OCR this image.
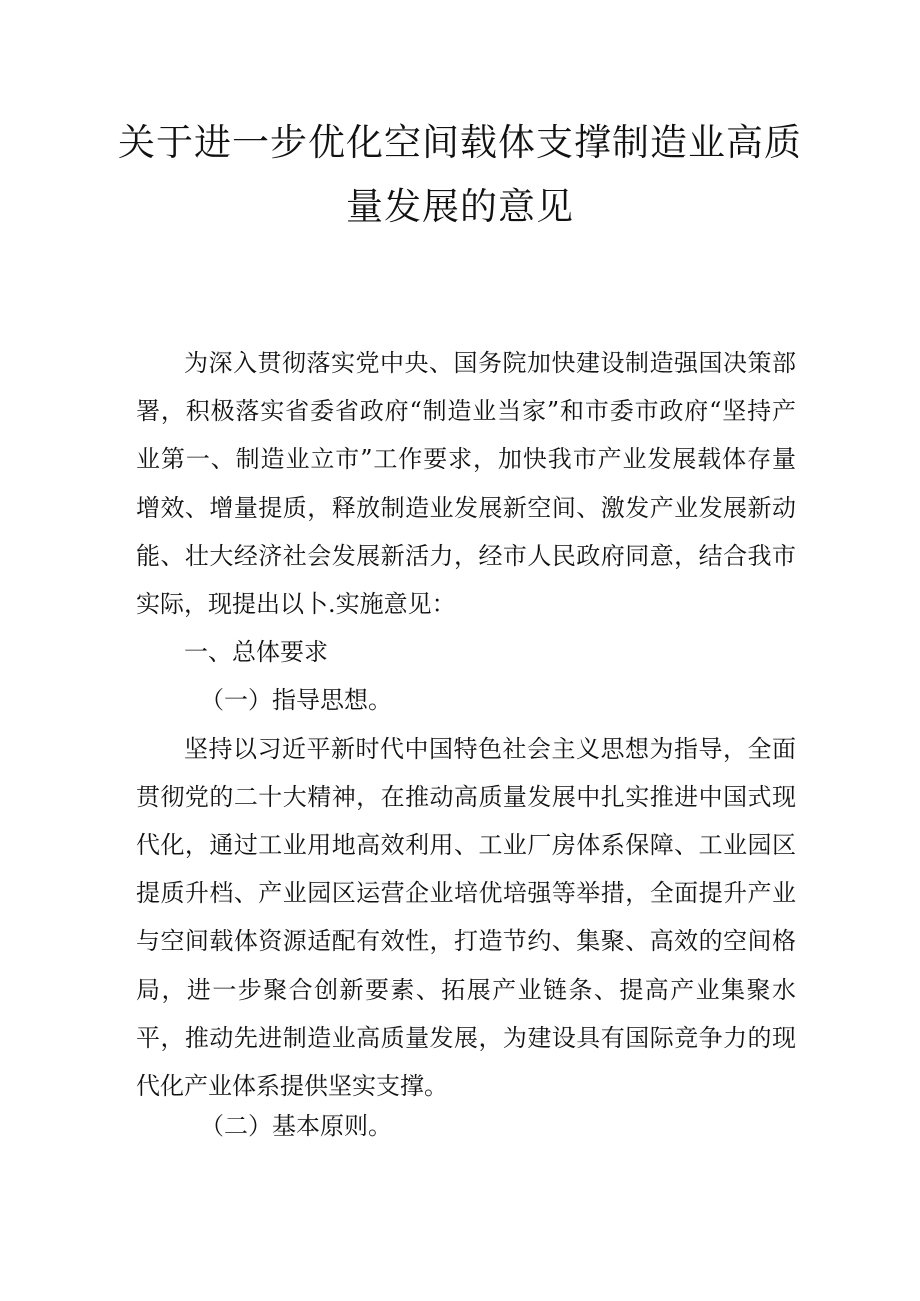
关于进一步优化空间载体支撑制造业高质
量发展的意见

为深入贯彻落实党中央、国务院加快建设制造强国决策部署，积极落实省委省政府“制造业当家”和市委市政府“坚持产业第一、制造业立市”工作要求，加快我市产业发展载体存量增效、增量提质，释放制造业发展新空间、激发产业发展新动能、壮大经济社会发展新活力，经市人民政府同意，结合我市实际，现提出以卜.实施意见：

一、总体要求

（一）指导思想。

坚持以习近平新时代中国特色社会主义思想为指导，全面贯彻党的二十大精神，在推动高质量发展中扎实推进中国式现代化，通过工业用地高效利用、工业厂房体系保障、工业园区提质升档、产业园区运营企业培优培强等举措，全面提升产业与空间载体资源适配有效性，打造节约、集聚、高效的空间格局，进一步聚合创新要素、拓展产业链条、提高产业集聚水平，推动先进制造业高质量发展，为建设具有国际竞争力的现代化产业体系提供坚实支撑。

（二）基本原则。
